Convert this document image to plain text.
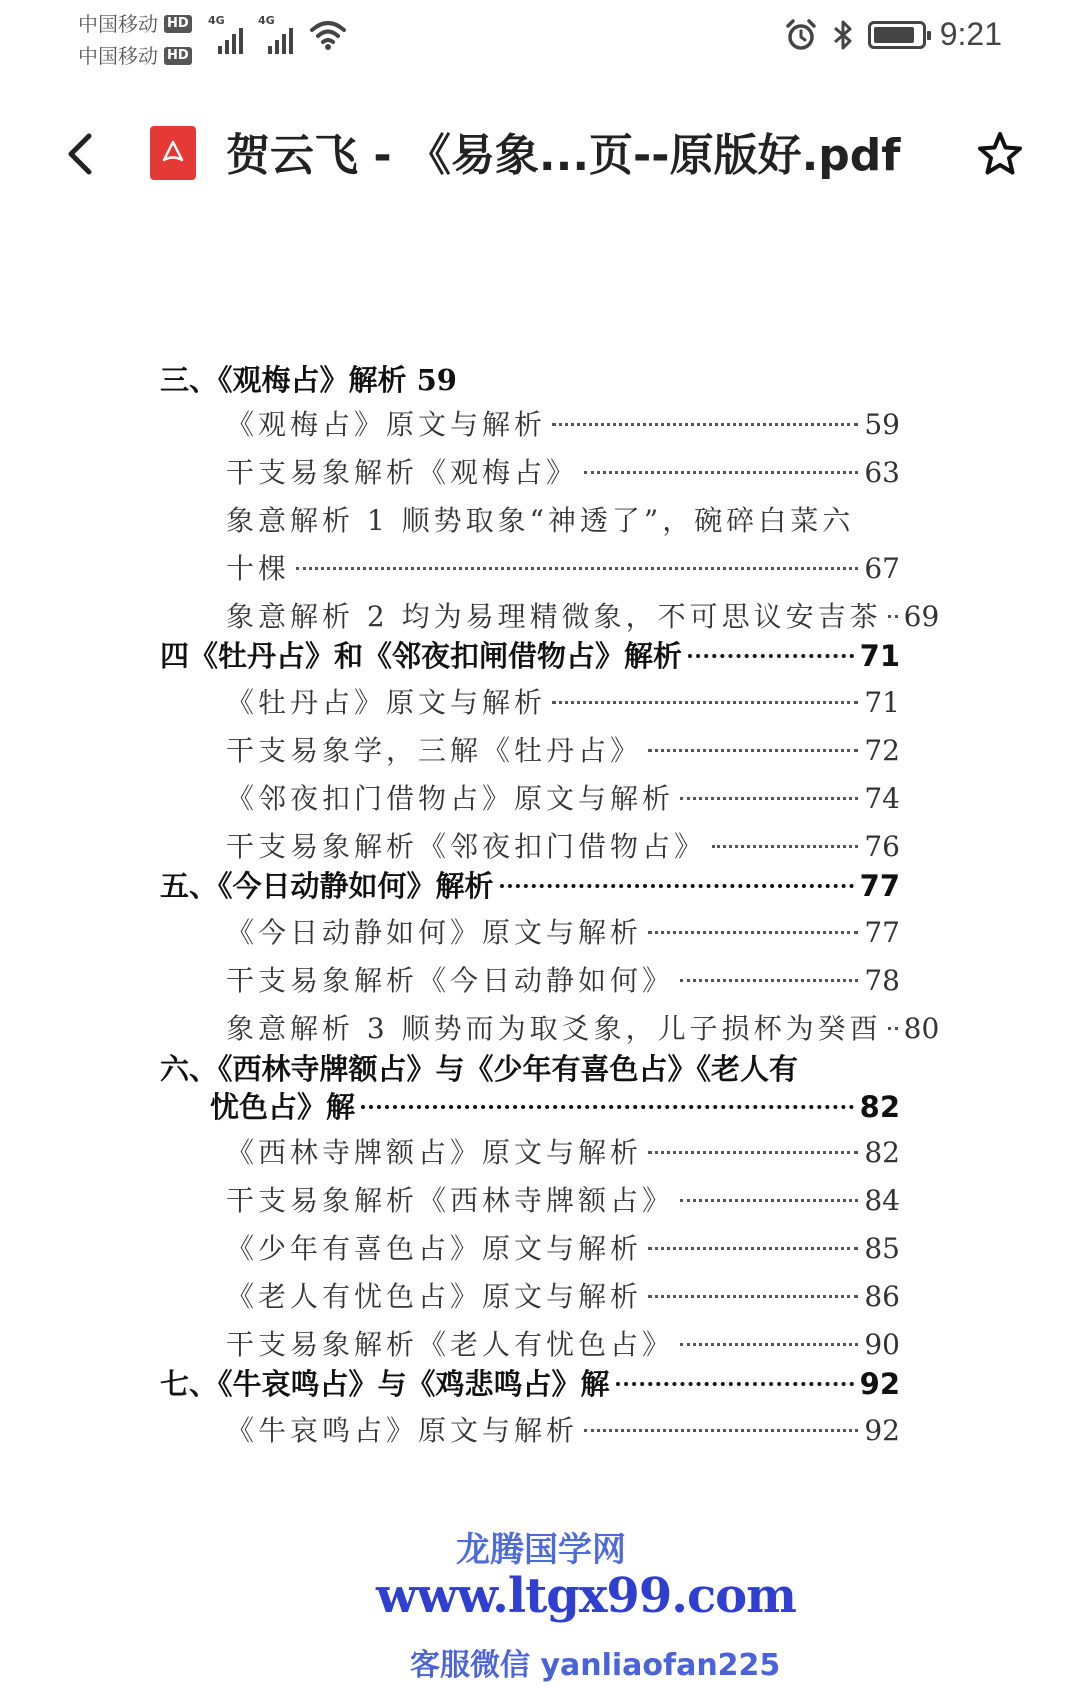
中国移动 HD
中国移动 HD
4G	4G	9:21
贺云飞 - 《易象...页--原版好.pdf
三、《观梅占》解析 59
《观梅占》原文与解析	59
干支易象解析《观梅占》	63
象意解析 1 顺势取象“神透了”，碗碎白菜六
十棵	67
象意解析 2 均为易理精微象，不可思议安吉茶 69
四《牡丹占》和《邻夜扣闸借物占》解析	71
《牡丹占》原文与解析	71
干支易象学，三解《牡丹占》	72
《邻夜扣门借物占》原文与解析	74
干支易象解析《邻夜扣门借物占》	76
五、《今日动静如何》解析	77
《今日动静如何》原文与解析	77
干支易象解析《今日动静如何》	78
象意解析 3 顺势而为取爻象，儿子损杯为癸酉 80
六、《西林寺牌额占》与《少年有喜色占》《老人有
忧色占》解	82
《西林寺牌额占》原文与解析	82
干支易象解析《西林寺牌额占》	84
《少年有喜色占》原文与解析	85
《老人有忧色占》原文与解析	86
干支易象解析《老人有忧色占》	90
七、《牛哀鸣占》与《鸡悲鸣占》解	92
《牛哀鸣占》原文与解析	92
龙腾国学网
www.ltgx99.com
客服微信 yanliaofan225
